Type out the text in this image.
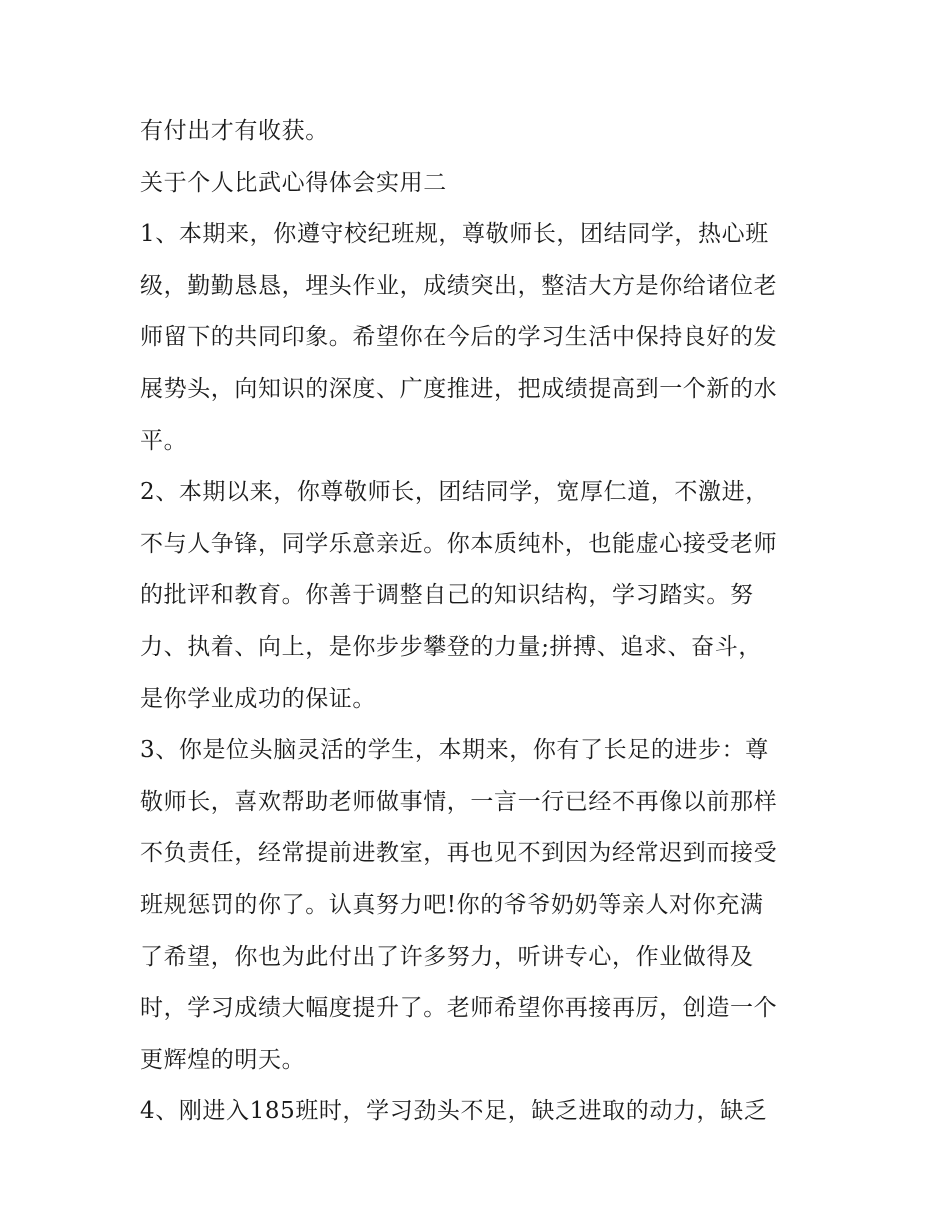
有付出才有收获。
关于个人比武心得体会实用二
1、本期来，你遵守校纪班规，尊敬师长，团结同学，热心班
级，勤勤恳恳，埋头作业，成绩突出，整洁大方是你给诸位老
师留下的共同印象。希望你在今后的学习生活中保持良好的发
展势头，向知识的深度、广度推进，把成绩提高到一个新的水
平。
2、本期以来，你尊敬师长，团结同学，宽厚仁道，不激进，
不与人争锋，同学乐意亲近。你本质纯朴，也能虚心接受老师
的批评和教育。你善于调整自己的知识结构，学习踏实。努
力、执着、向上，是你步步攀登的力量;拼搏、追求、奋斗，
是你学业成功的保证。
3、你是位头脑灵活的学生，本期来，你有了长足的进步：尊
敬师长，喜欢帮助老师做事情，一言一行已经不再像以前那样
不负责任，经常提前进教室，再也见不到因为经常迟到而接受
班规惩罚的你了。认真努力吧!你的爷爷奶奶等亲人对你充满
了希望，你也为此付出了许多努力，听讲专心，作业做得及
时，学习成绩大幅度提升了。老师希望你再接再厉，创造一个
更辉煌的明天。
4、刚进入185班时，学习劲头不足，缺乏进取的动力，缺乏
